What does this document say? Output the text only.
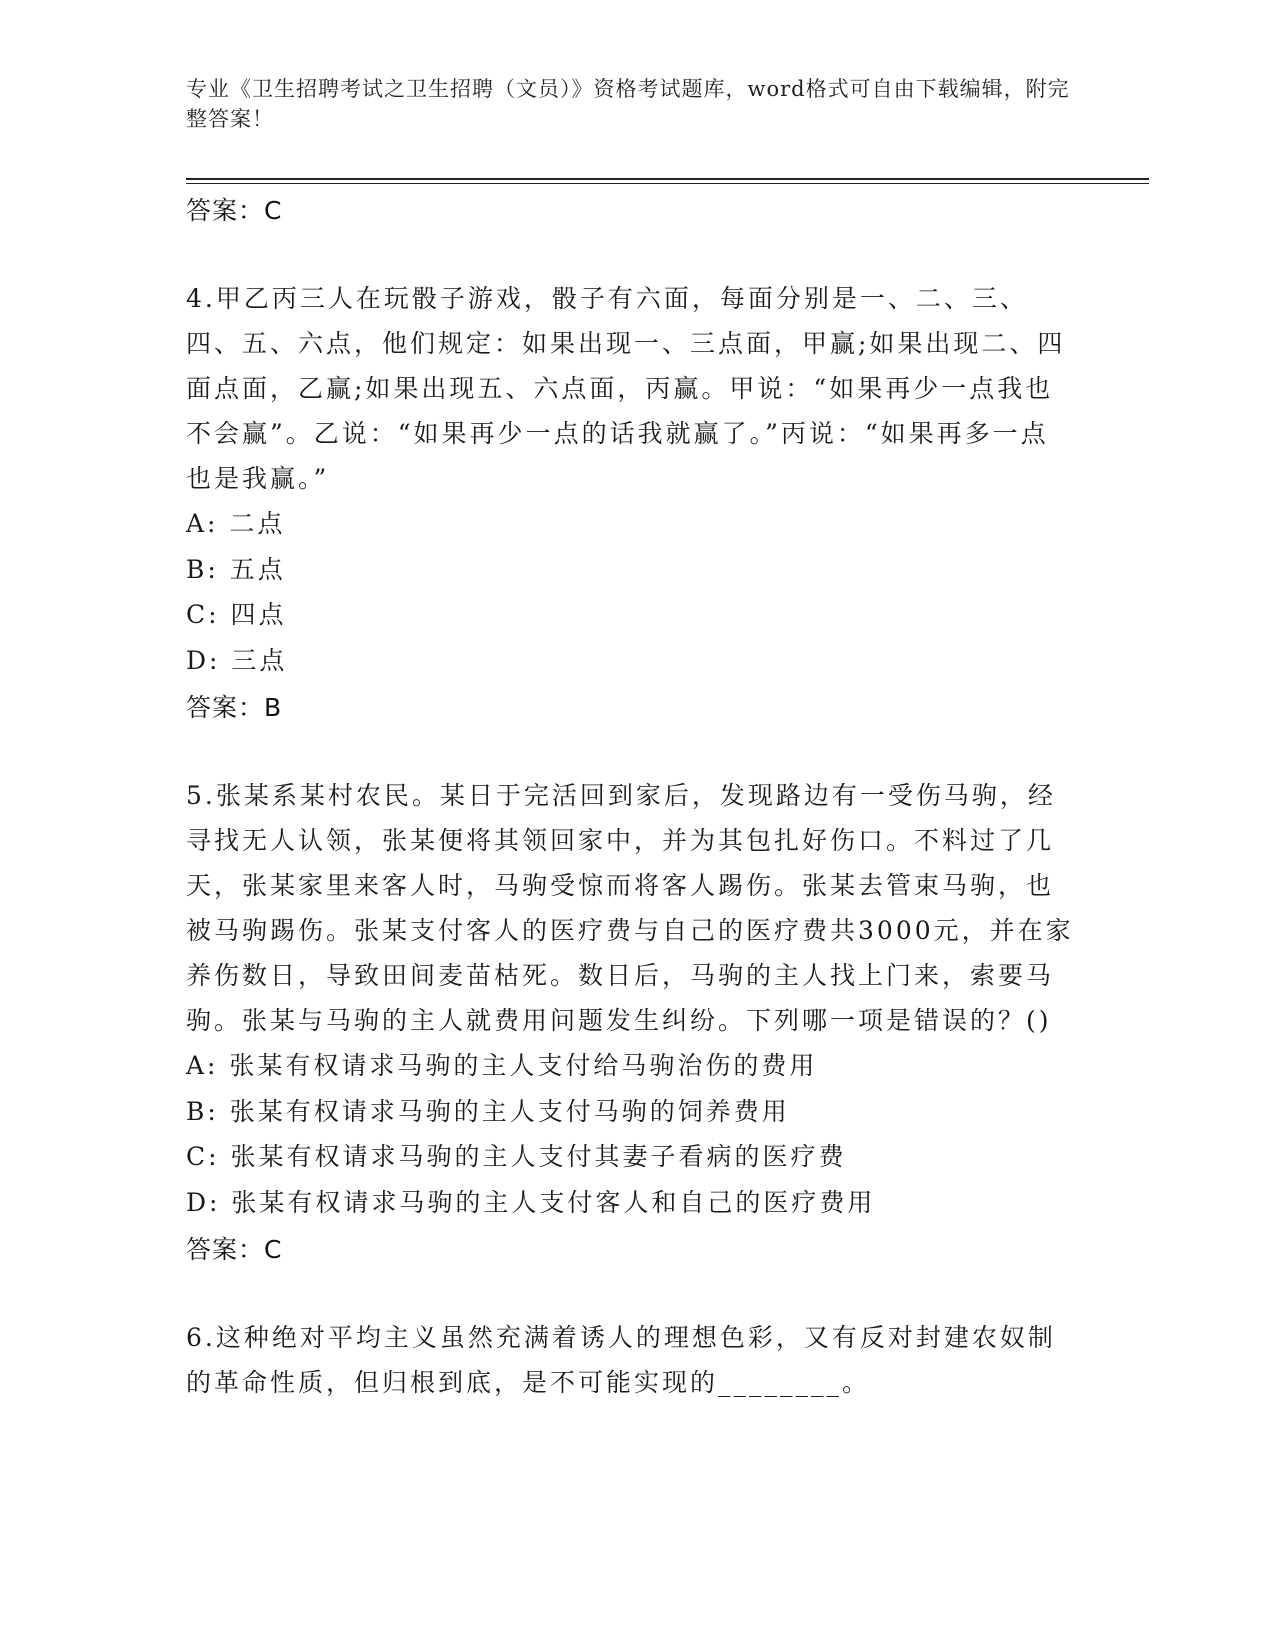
专业《卫生招聘考试之卫生招聘（文员）》资格考试题库，word格式可自由下载编辑，附完整答案！
答案：C
4.甲乙丙三人在玩骰子游戏，骰子有六面，每面分别是一、二、三、四、五、六点，他们规定：如果出现一、三点面，甲赢;如果出现二、四面点面，乙赢;如果出现五、六点面，丙赢。甲说：“如果再少一点我也不会赢”。乙说：“如果再少一点的话我就赢了。”丙说：“如果再多一点也是我赢。”
A: 二点
B: 五点
C: 四点
D: 三点
答案：B
5.张某系某村农民。某日于完活回到家后，发现路边有一受伤马驹，经寻找无人认领，张某便将其领回家中，并为其包扎好伤口。不料过了几天，张某家里来客人时，马驹受惊而将客人踢伤。张某去管束马驹，也被马驹踢伤。张某支付客人的医疗费与自己的医疗费共3000元，并在家养伤数日，导致田间麦苗枯死。数日后，马驹的主人找上门来，索要马驹。张某与马驹的主人就费用问题发生纠纷。下列哪一项是错误的？()
A: 张某有权请求马驹的主人支付给马驹治伤的费用
B: 张某有权请求马驹的主人支付马驹的饲养费用
C: 张某有权请求马驹的主人支付其妻子看病的医疗费
D: 张某有权请求马驹的主人支付客人和自己的医疗费用
答案：C
6.这种绝对平均主义虽然充满着诱人的理想色彩，又有反对封建农奴制的革命性质，但归根到底，是不可能实现的________。
